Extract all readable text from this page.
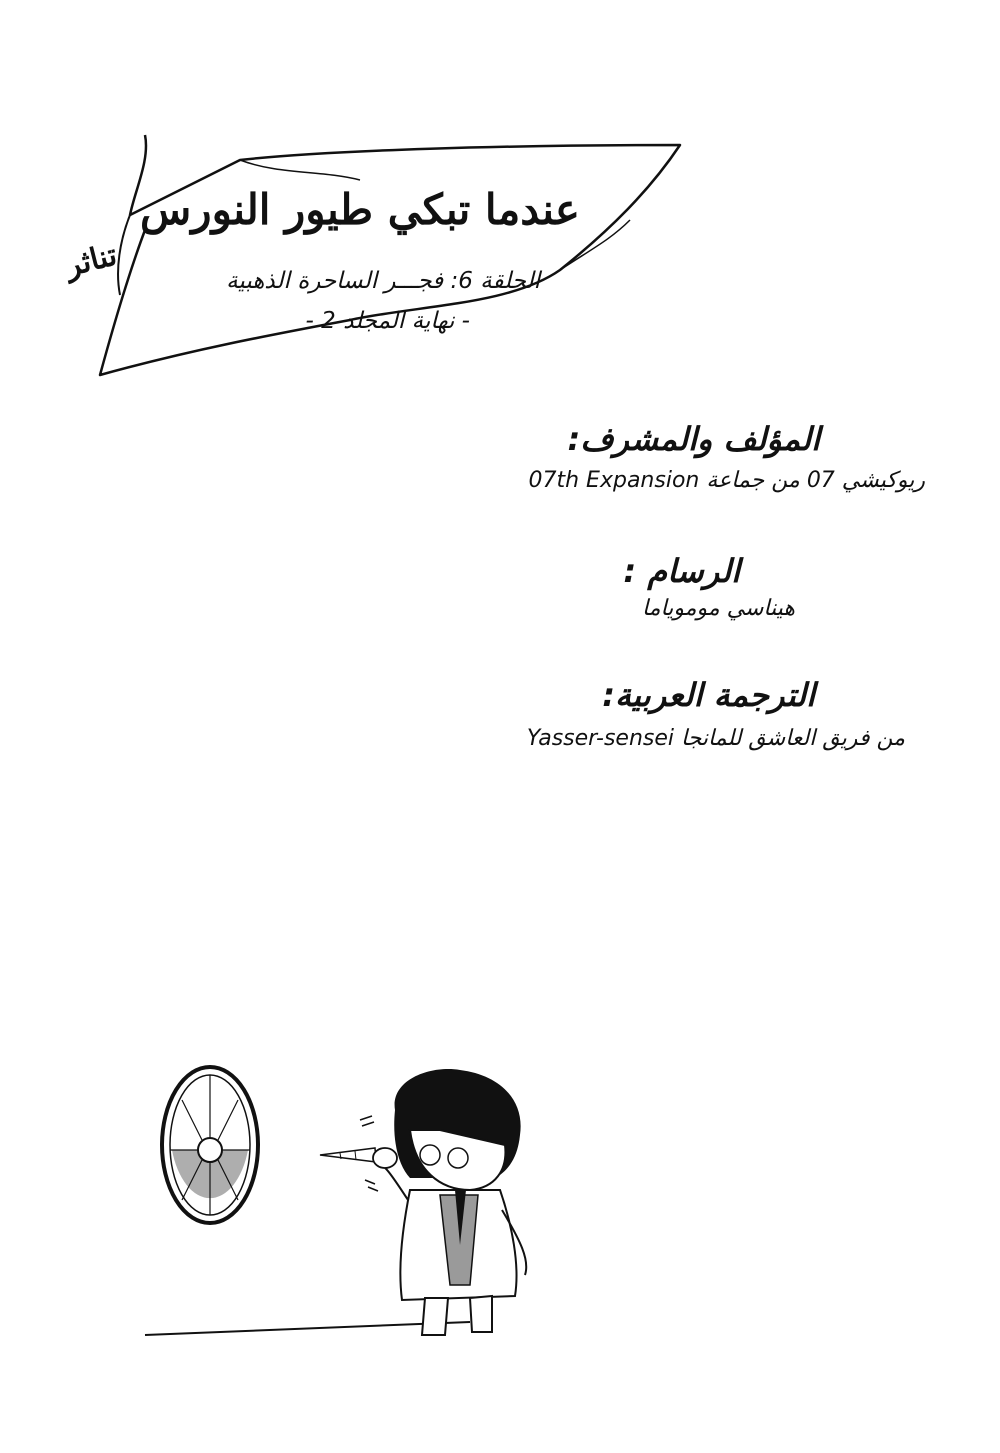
عندما تبكي طيور النورس
تناثر	الحلقة 6: فجـــر الساحرة الذهبية
- نهاية المجلد 2 -
المؤلف والمشرف:
ريوكيشي 07 من جماعة 07th Expansion
الرسام :
هيناسي موموياما
الترجمة العربية:
Yasser-sensei من فريق العاشق للمانجا
